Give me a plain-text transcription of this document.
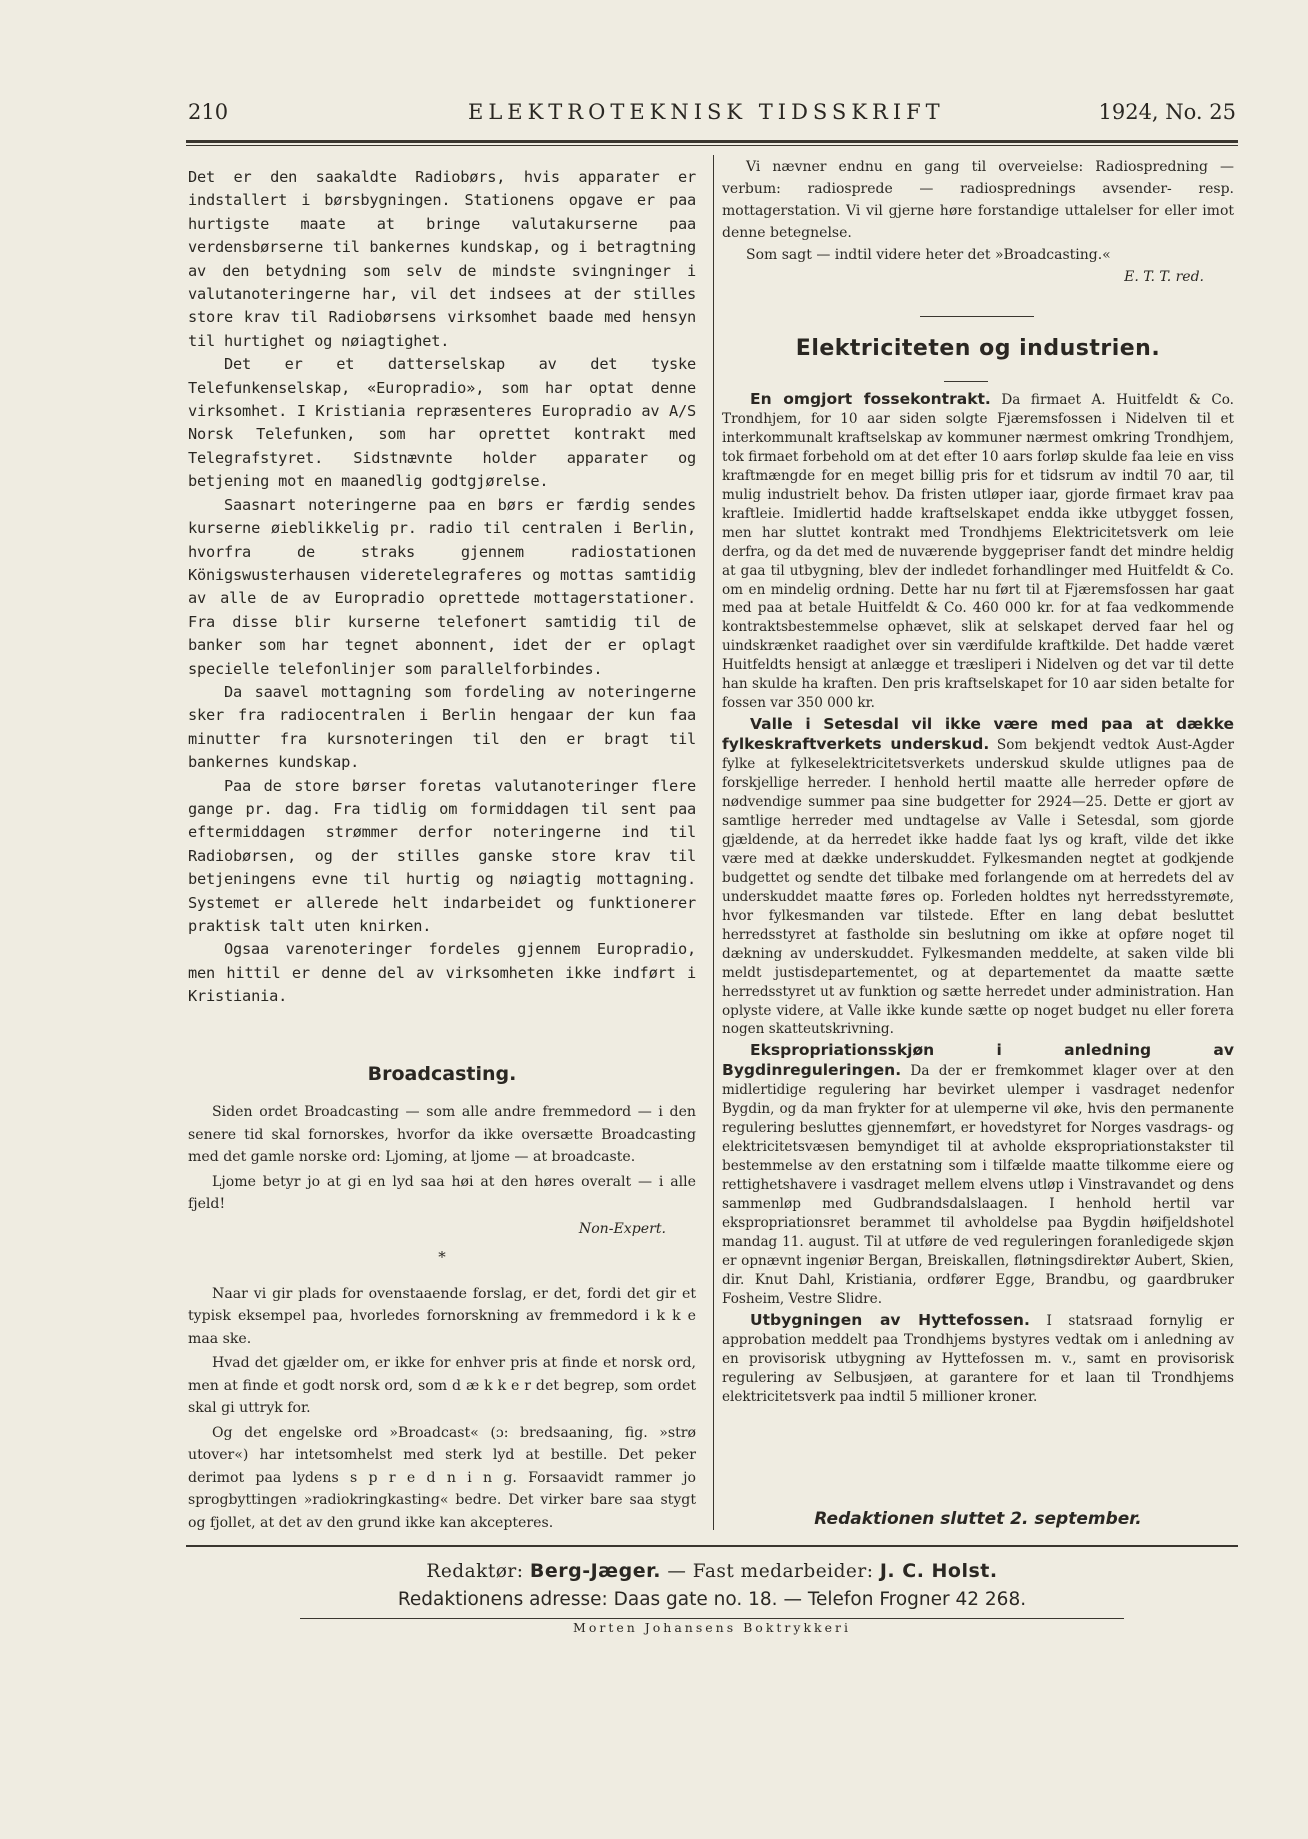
210	ELEKTROTEKNISK TIDSSKRIFT	1924, No. 25

Det er den saakaldte Radiobørs, hvis apparater er indstallert i børsbygningen. Stationens opgave er paa hurtigste maate at bringe valutakurserne paa verdensbørserne til bankernes kundskap, og i betragtning av den betydning som selv de mindste svingninger i valutanoteringerne har, vil det indsees at der stilles store krav til Radiobørsens virksomhet baade med hensyn til hurtighet og nøiagtighet.

Det er et datterselskap av det tyske Telefunkenselskap, «Europradio», som har optat denne virksomhet. I Kristiania repræsenteres Europradio av A/S Norsk Telefunken, som har oprettet kontrakt med Telegrafstyret. Sidstnævnte holder apparater og betjening mot en maanedlig godtgjørelse.

Saasnart noteringerne paa en børs er færdig sendes kurserne øieblikkelig pr. radio til centralen i Berlin, hvorfra de straks gjennem radiostationen Königswusterhausen videretelegraferes og mottas samtidig av alle de av Europradio oprettede mottagerstationer. Fra disse blir kurserne telefonert samtidig til de banker som har tegnet abonnent, idet der er oplagt specielle telefonlinjer som parallelforbindes.

Da saavel mottagning som fordeling av noteringerne sker fra radiocentralen i Berlin hengaar der kun faa minutter fra kursnoteringen til den er bragt til bankernes kundskap.

Paa de store børser foretas valutanoteringer flere gange pr. dag. Fra tidlig om formiddagen til sent paa eftermiddagen strømmer derfor noteringerne ind til Radiobørsen, og der stilles ganske store krav til betjeningens evne til hurtig og nøiagtig mottagning. Systemet er allerede helt indarbeidet og funktionerer praktisk talt uten knirken.

Ogsaa varenoteringer fordeles gjennem Europradio, men hittil er denne del av virksomheten ikke indført i Kristiania.

Broadcasting.

Siden ordet Broadcasting — som alle andre fremmedord — i den senere tid skal fornorskes, hvorfor da ikke oversætte Broadcasting med det gamle norske ord: Ljoming, at ljome — at broadcaste.

Ljome betyr jo at gi en lyd saa høi at den høres overalt — i alle fjeld!

Non-Expert.
*

Naar vi gir plads for ovenstaaende forslag, er det, fordi det gir et typisk eksempel paa, hvorledes fornorskning av fremmedord i k k e maa ske.

Hvad det gjælder om, er ikke for enhver pris at finde et norsk ord, men at finde et godt norsk ord, som d æ k k e r det begrep, som ordet skal gi uttryk for.

Og det engelske ord »Broadcast« (ɔ: bredsaaning, fig. »strø utover«) har intetsomhelst med sterk lyd at bestille. Det peker derimot paa lydens s p r e d n i n g. Forsaavidt rammer jo sprogbyttingen »radiokringkasting« bedre. Det virker bare saa stygt og fjollet, at det av den grund ikke kan akcepteres.

Vi nævner endnu en gang til overveielse: Radiospredning — verbum: radiosprede — radiosprednings avsender- resp. mottagerstation. Vi vil gjerne høre forstandige uttalelser for eller imot denne betegnelse.

Som sagt — indtil videre heter det »Broadcasting.«

E. T. T. red.
Elektriciteten og industrien.

En omgjort fossekontrakt. Da firmaet A. Huitfeldt & Co. Trondhjem, for 10 aar siden solgte Fjæremsfossen i Nidelven til et interkommunalt kraftselskap av kommuner nærmest omkring Trondhjem, tok firmaet forbehold om at det efter 10 aars forløp skulde faa leie en viss kraftmængde for en meget billig pris for et tidsrum av indtil 70 aar, til mulig industrielt behov. Da fristen utløper iaar, gjorde firmaet krav paa kraftleie. Imidlertid hadde kraftselskapet endda ikke utbygget fossen, men har sluttet kontrakt med Trondhjems Elektricitetsverk om leie derfra, og da det med de nuværende byggepriser fandt det mindre heldig at gaa til utbygning, blev der indledet forhandlinger med Huitfeldt & Co. om en mindelig ordning. Dette har nu ført til at Fjæremsfossen har gaat med paa at betale Huitfeldt & Co. 460 000 kr. for at faa vedkommende kontraktsbestemmelse ophævet, slik at selskapet derved faar hel og uindskrænket raadighet over sin værdifulde kraftkilde. Det hadde været Huitfeldts hensigt at anlægge et træsliperi i Nidelven og det var til dette han skulde ha kraften. Den pris kraftselskapet for 10 aar siden betalte for fossen var 350 000 kr.

Valle i Setesdal vil ikke være med paa at dække fylkeskraftverkets underskud. Som bekjendt vedtok Aust-Agder fylke at fylkeselektricitetsverkets underskud skulde utlignes paa de forskjellige herreder. I henhold hertil maatte alle herreder opføre de nødvendige summer paa sine budgetter for 2924—25. Dette er gjort av samtlige herreder med undtagelse av Valle i Setesdal, som gjorde gjældende, at da herredet ikke hadde faat lys og kraft, vilde det ikke være med at dække underskuddet. Fylkesmanden negtet at godkjende budgettet og sendte det tilbake med forlangende om at herredets del av underskuddet maatte føres op. Forleden holdtes nyt herredsstyremøte, hvor fylkesmanden var tilstede. Efter en lang debat besluttet herredsstyret at fastholde sin beslutning om ikke at opføre noget til dækning av underskuddet. Fylkesmanden meddelte, at saken vilde bli meldt justisdepartementet, og at departementet da maatte sætte herredsstyret ut av funktion og sætte herredet under administration. Han oplyste videre, at Valle ikke kunde sætte op noget budget nu eller forета nogen skatteutskrivning.

Ekspropriationsskjøn i anledning av Bygdinreguleringen. Da der er fremkommet klager over at den midlertidige regulering har bevirket ulemper i vasdraget nedenfor Bygdin, og da man frykter for at ulemperne vil øke, hvis den permanente regulering besluttes gjennemført, er hovedstyret for Norges vasdrags- og elektricitetsvæsen bemyndiget til at avholde ekspropriationstakster til bestemmelse av den erstatning som i tilfælde maatte tilkomme eiere og rettighetshavere i vasdraget mellem elvens utløp i Vinstravandet og dens sammenløp med Gudbrandsdalslaagen. I henhold hertil var ekspropriationsret berammet til avholdelse paa Bygdin høifjeldshotel mandag 11. august. Til at utføre de ved reguleringen foranledigede skjøn er opnævnt ingeniør Bergan, Breiskallen, fløtningsdirektør Aubert, Skien, dir. Knut Dahl, Kristiania, ordfører Egge, Brandbu, og gaardbruker Fosheim, Vestre Slidre.

Utbygningen av Hyttefossen. I statsraad fornylig er approbation meddelt paa Trondhjems bystyres vedtak om i anledning av en provisorisk utbygning av Hyttefossen m. v., samt en provisorisk regulering av Selbusjøen, at garantere for et laan til Trondhjems elektricitetsverk paa indtil 5 millioner kroner.

Redaktionen sluttet 2. september.
Redaktør: Berg-Jæger. — Fast medarbeider: J. C. Holst.
Redaktionens adresse: Daas gate no. 18. — Telefon Frogner 42 268.
Morten Johansens Boktrykkeri
